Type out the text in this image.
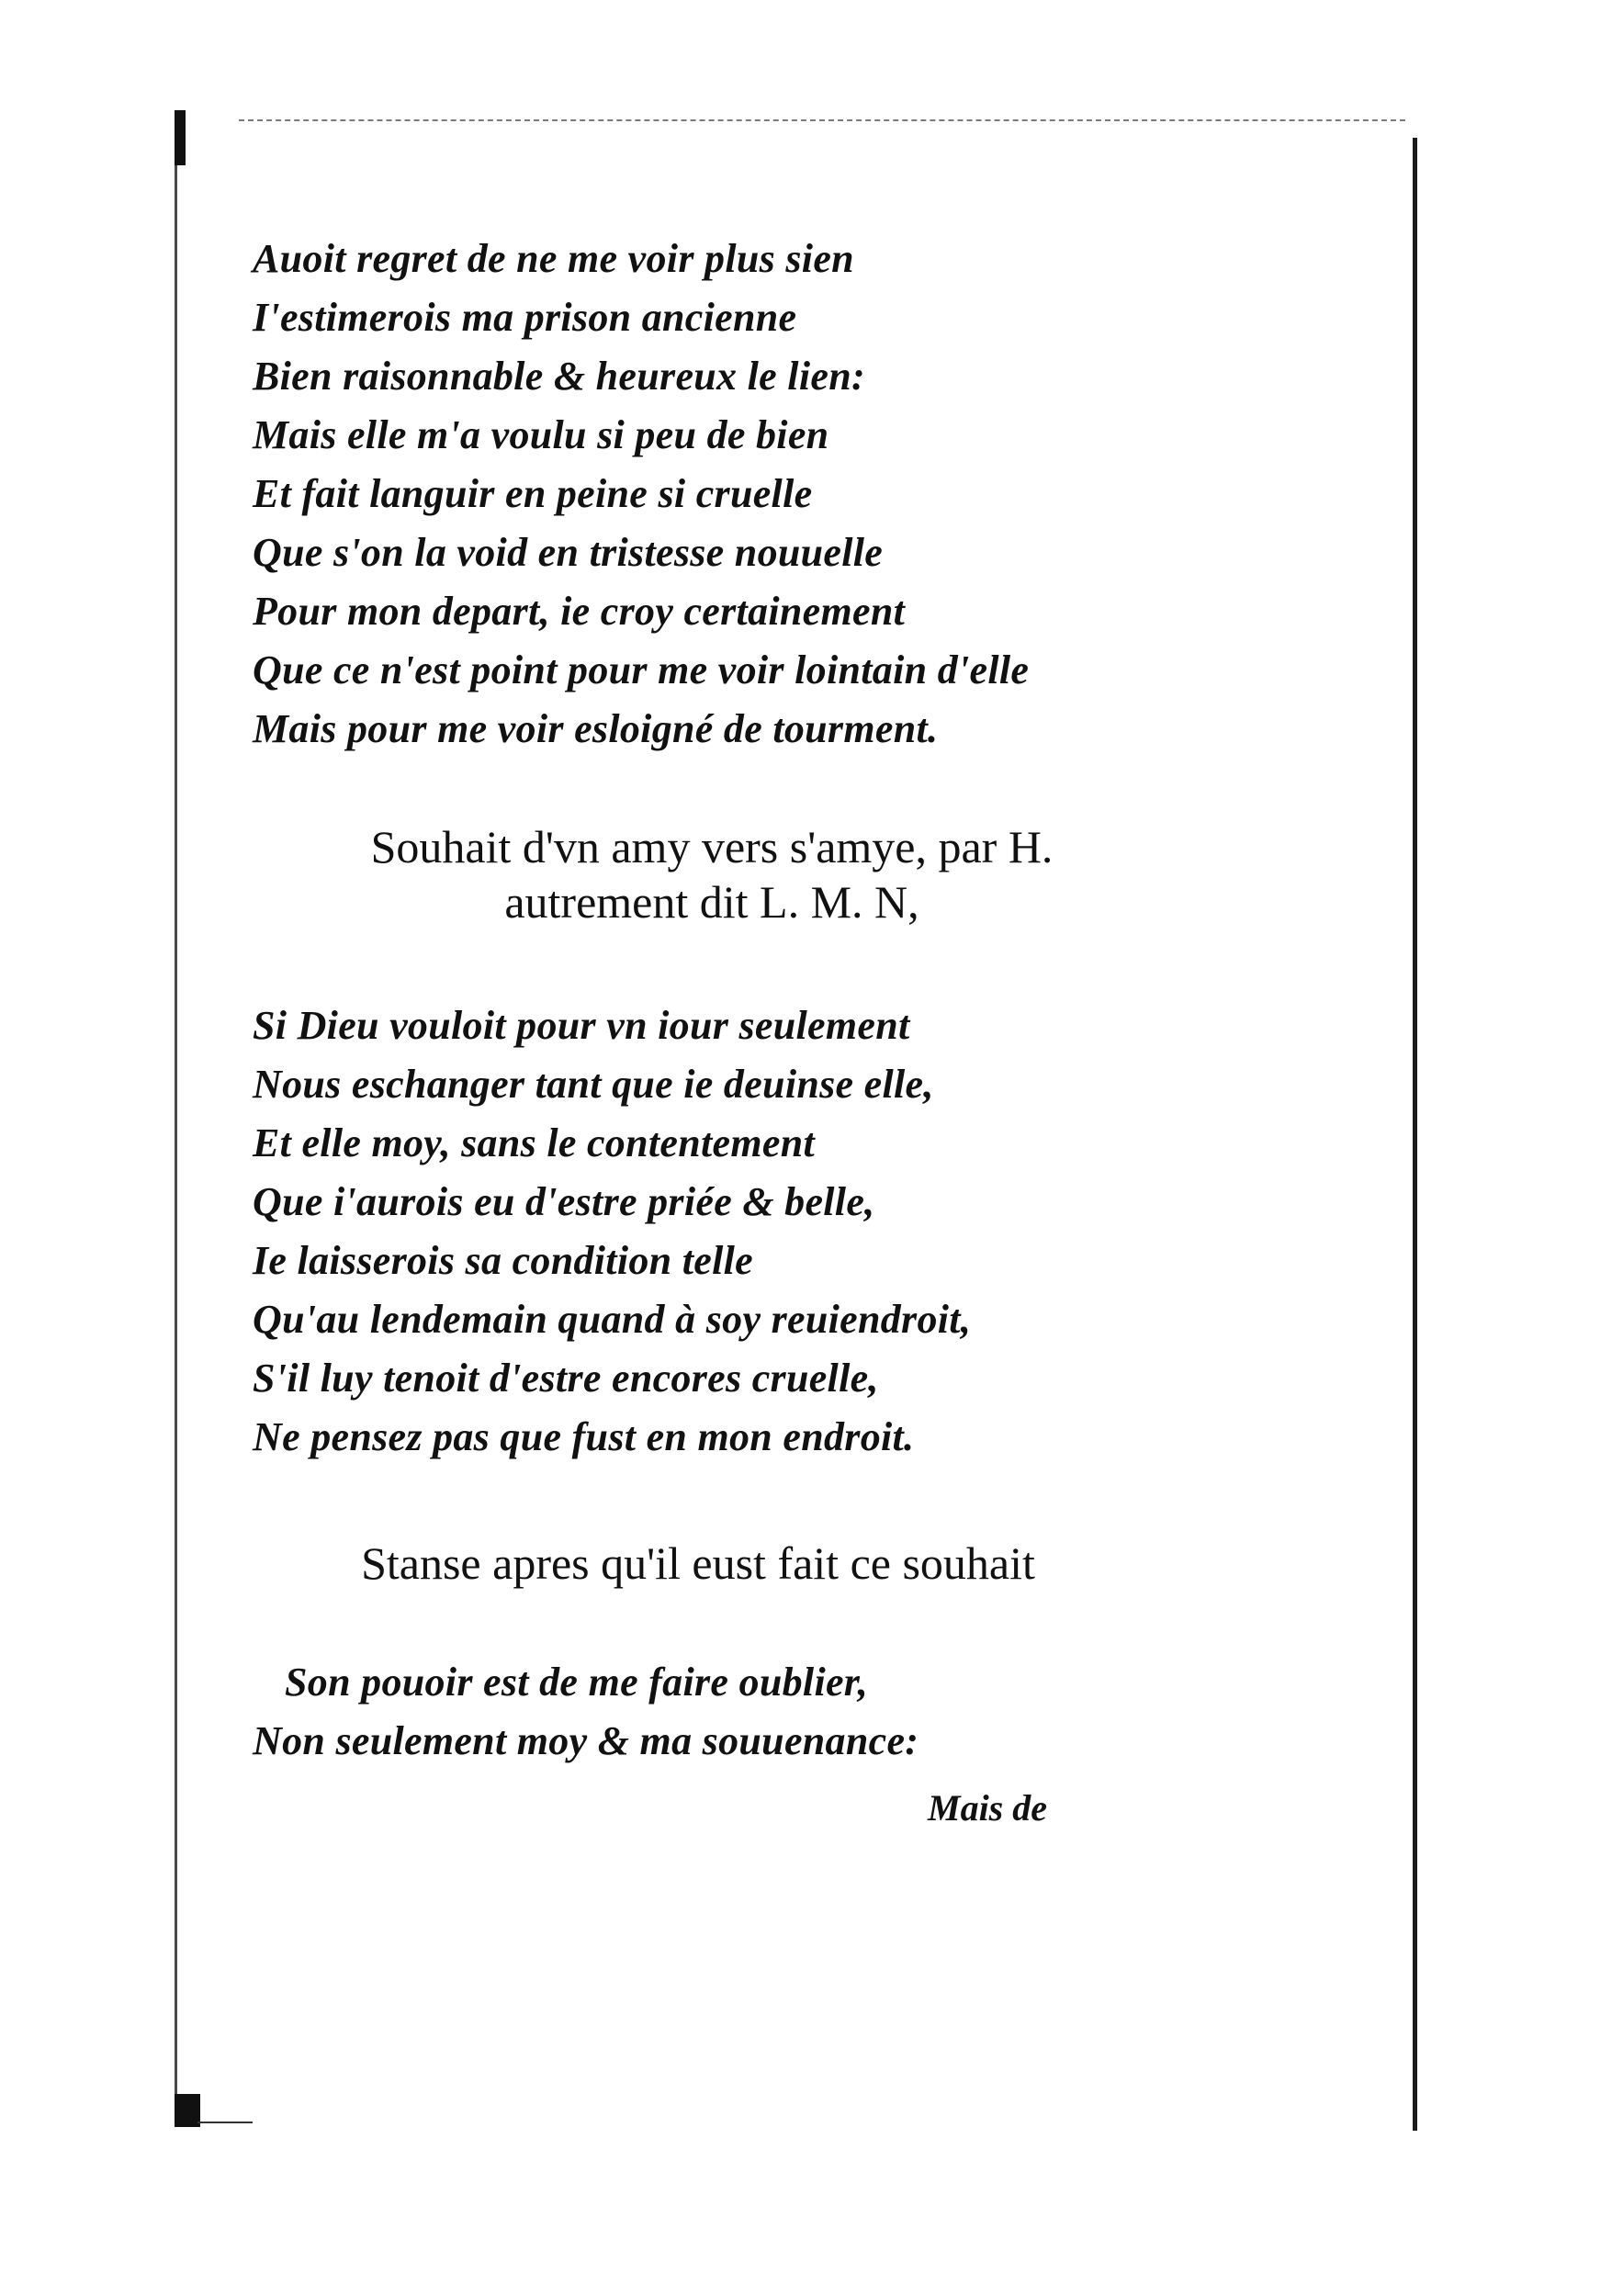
Auoit regret de ne me voir plus sien
I'estimerois ma prison ancienne
Bien raisonnable & heureux le lien:
Mais elle m'a voulu si peu de bien
Et fait languir en peine si cruelle
Que s'on la void en tristesse nouuelle
Pour mon depart, ie croy certainement
Que ce n'est point pour me voir lointain d'elle
Mais pour me voir esloigné de tourment.
Souhait d'vn amy vers s'amye, par H.
autrement dit L. M. N,
Si Dieu vouloit pour vn iour seulement
Nous eschanger tant que ie deuinse elle,
Et elle moy, sans le contentement
Que i'aurois eu d'estre priée & belle,
Ie laisserois sa condition telle
Qu'au lendemain quand à soy reuiendroit,
S'il luy tenoit d'estre encores cruelle,
Ne pensez pas que fust en mon endroit.
Stanse apres qu'il eust fait ce souhait
Son pouoir est de me faire oublier,
Non seulement moy & ma souuenance:
Mais de
